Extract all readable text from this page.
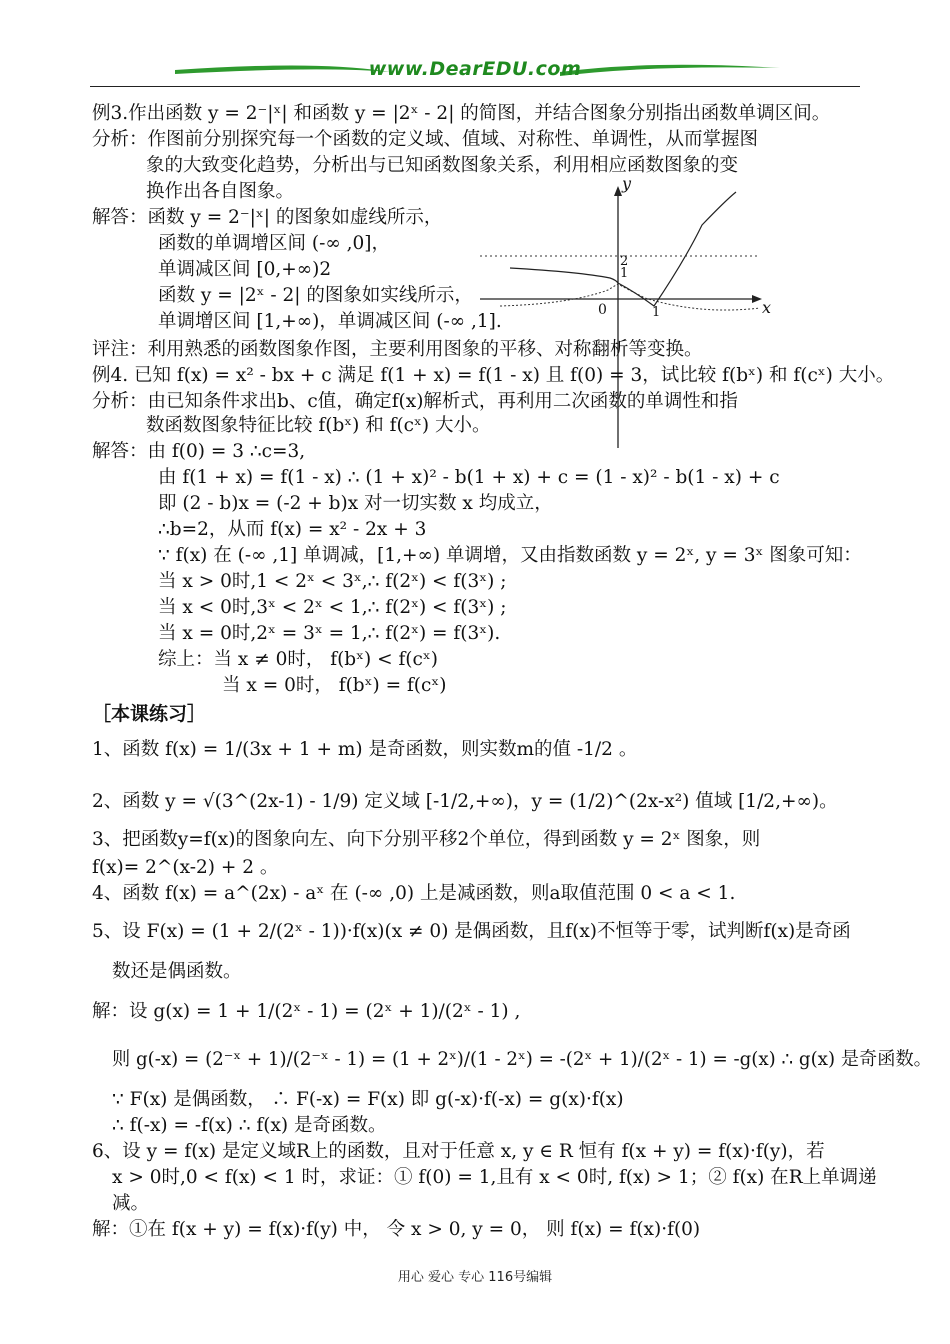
www.DearEDU.com
例3.作出函数 y = 2⁻|ˣ| 和函数 y = |2ˣ - 2| 的简图，并结合图象分别指出函数单调区间。
分析：作图前分别探究每一个函数的定义域、值域、对称性、单调性，从而掌握图
象的大致变化趋势，分析出与已知函数图象关系，利用相应函数图象的变
换作出各自图象。
解答：函数 y = 2⁻|ˣ| 的图象如虚线所示，
函数的单调增区间 (-∞ ,0]，
单调减区间 [0,+∞)2
函数 y = |2ˣ - 2| 的图象如实线所示，
单调增区间 [1,+∞)，单调减区间 (-∞ ,1].
评注：利用熟悉的函数图象作图，主要利用图象的平移、对称翻析等变换。
y
x
0
2
1
1
例4. 已知 f(x) = x² - bx + c 满足 f(1 + x) = f(1 - x) 且 f(0) = 3，试比较 f(bˣ) 和 f(cˣ) 大小。
分析：由已知条件求出b、c值，确定f(x)解析式，再利用二次函数的单调性和指
数函数图象特征比较 f(bˣ) 和 f(cˣ) 大小。
解答：由 f(0) = 3 ∴c=3,
由 f(1 + x) = f(1 - x) ∴ (1 + x)² - b(1 + x) + c = (1 - x)² - b(1 - x) + c
即 (2 - b)x = (-2 + b)x 对一切实数 x 均成立，
∴b=2，从而 f(x) = x² - 2x + 3
∵ f(x) 在 (-∞ ,1] 单调减，[1,+∞) 单调增，又由指数函数 y = 2ˣ, y = 3ˣ 图象可知：
当 x > 0时,1 < 2ˣ < 3ˣ,∴ f(2ˣ) < f(3ˣ) ;
当 x < 0时,3ˣ < 2ˣ < 1,∴ f(2ˣ) < f(3ˣ) ;
当 x = 0时,2ˣ = 3ˣ = 1,∴ f(2ˣ) = f(3ˣ).
综上：当 x ≠ 0时， f(bˣ) < f(cˣ)
当 x = 0时， f(bˣ) = f(cˣ)
［本课练习］
1、函数 f(x) = 1/(3x + 1 + m) 是奇函数，则实数m的值 -1/2 。
2、函数 y = √(3^(2x-1) - 1/9) 定义域 [-1/2,+∞)，y = (1/2)^(2x-x²) 值域 [1/2,+∞)。
3、把函数y=f(x)的图象向左、向下分别平移2个单位，得到函数 y = 2ˣ 图象，则
f(x)= 2^(x-2) + 2 。
4、函数 f(x) = a^(2x) - aˣ 在 (-∞ ,0) 上是减函数，则a取值范围 0 < a < 1.
5、设 F(x) = (1 + 2/(2ˣ - 1))·f(x)(x ≠ 0) 是偶函数，且f(x)不恒等于零，试判断f(x)是奇函
数还是偶函数。
解：设 g(x) = 1 + 1/(2ˣ - 1) = (2ˣ + 1)/(2ˣ - 1) ,
则 g(-x) = (2⁻ˣ + 1)/(2⁻ˣ - 1) = (1 + 2ˣ)/(1 - 2ˣ) = -(2ˣ + 1)/(2ˣ - 1) = -g(x) ∴ g(x) 是奇函数。
∵ F(x) 是偶函数， ∴ F(-x) = F(x) 即 g(-x)·f(-x) = g(x)·f(x)
∴ f(-x) = -f(x) ∴ f(x) 是奇函数。
6、设 y = f(x) 是定义域R上的函数，且对于任意 x, y ∈ R 恒有 f(x + y) = f(x)·f(y)，若
x > 0时,0 < f(x) < 1 时，求证：① f(0) = 1,且有 x < 0时, f(x) > 1；② f(x) 在R上单调递
减。
解：①在 f(x + y) = f(x)·f(y) 中， 令 x > 0, y = 0， 则 f(x) = f(x)·f(0)
用心 爱心 专心 116号编辑
